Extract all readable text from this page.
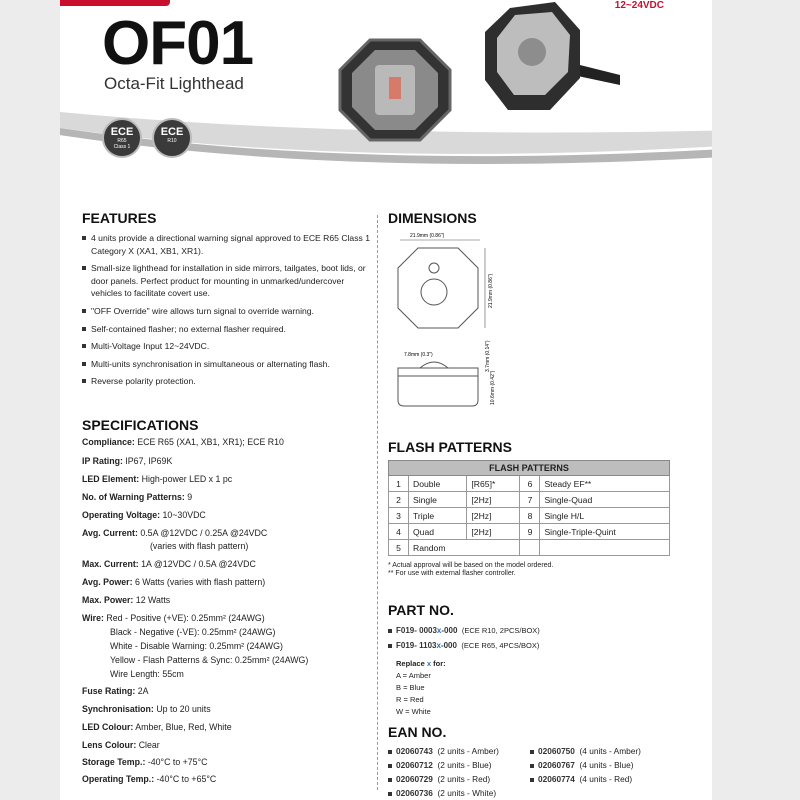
12~24VDC
OF01
Octa-Fit Lighthead
ECE
R65
Class 1
ECE
R10
FEATURES
4 units provide a directional warning signal approved to ECE R65 Class 1 Category X (XA1, XB1, XR1).
Small-size lighthead for installation in side mirrors, tailgates, boot lids, or door panels. Perfect product for mounting in unmarked/undercover vehicles to facilitate covert use.
"OFF Override" wire allows turn signal to override warning.
Self-contained flasher; no external flasher required.
Multi-Voltage Input 12~24VDC.
Multi-units synchronisation in simultaneous or alternating flash.
Reverse polarity protection.
SPECIFICATIONS
Compliance: ECE R65 (XA1, XB1, XR1); ECE R10
IP Rating: IP67, IP69K
LED Element: High-power LED x 1 pc
No. of Warning Patterns: 9
Operating Voltage: 10~30VDC
Avg. Current: 0.5A @12VDC / 0.25A @24VDC
(varies with flash pattern)
Max. Current: 1A @12VDC / 0.5A @24VDC
Avg. Power: 6 Watts (varies with flash pattern)
Max. Power: 12 Watts
Wire: Red - Positive (+VE): 0.25mm² (24AWG)
Black - Negative (-VE): 0.25mm² (24AWG)
White - Disable Warning: 0.25mm² (24AWG)
Yellow - Flash Patterns & Sync: 0.25mm² (24AWG)
Wire Length: 55cm
Fuse Rating: 2A
Synchronisation: Up to 20 units
LED Colour: Amber, Blue, Red, White
Lens Colour: Clear
Storage Temp.: -40°C to +75°C
Operating Temp.: -40°C to +65°C
DIMENSIONS
21.9mm (0.86")
21.9mm (0.86")
7.8mm (0.3")	3.7mm (0.14")
10.6mm (0.42")
FLASH PATTERNS
FLASH PATTERNS				
1	Double	[R65]*	6	Steady EF**
2	Single	[2Hz]	7	Single-Quad
3	Triple	[2Hz]	8	Single H/L
4	Quad	[2Hz]	9	Single-Triple-Quint
5	Random			
* Actual approval will be based on the model ordered.
** For use with external flasher controller.
PART NO.
F019- 0003x-000 (ECE R10, 2PCS/BOX)
F019- 1103x-000 (ECE R65, 4PCS/BOX)
Replace x for:
A = Amber
B = Blue
R = Red
W = White
EAN NO.
02060743 (2 units - Amber)
02060712 (2 units - Blue)
02060729 (2 units - Red)
02060736 (2 units - White)
02060750 (4 units - Amber)
02060767 (4 units - Blue)
02060774 (4 units - Red)
